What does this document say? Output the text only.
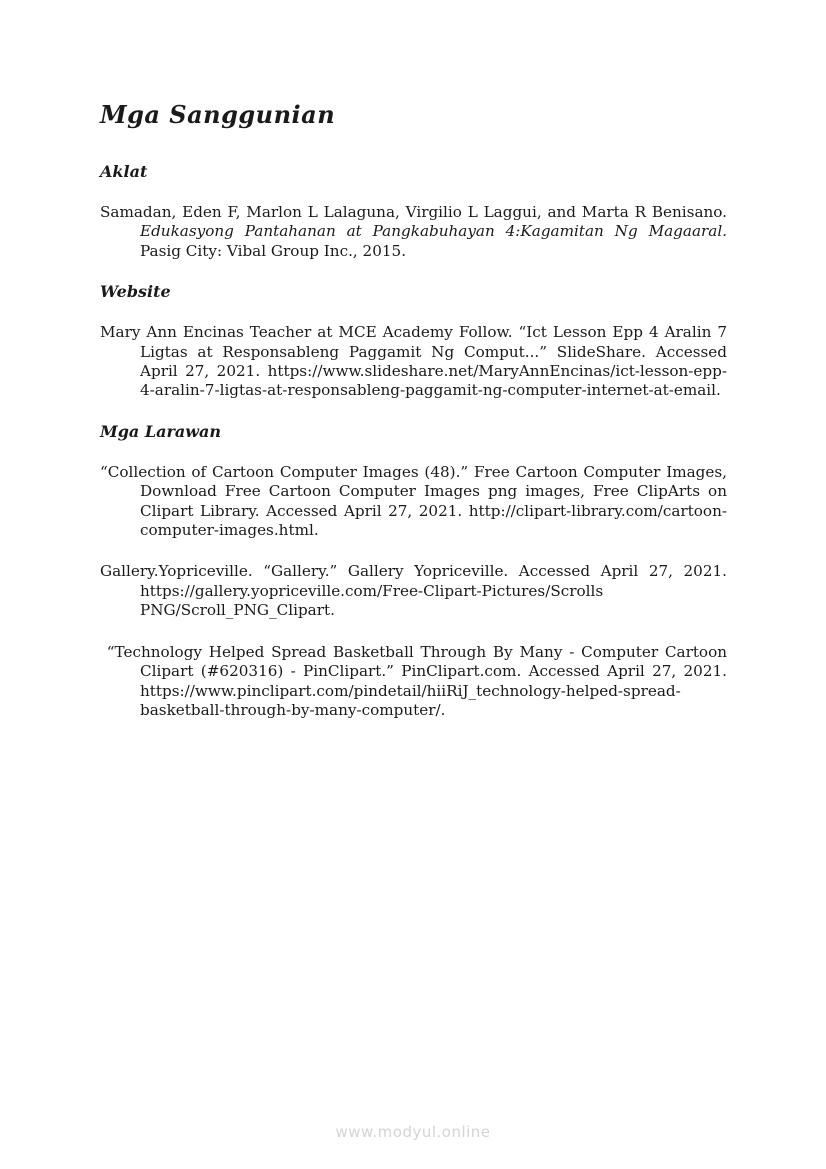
Mga Sanggunian
Aklat

Samadan, Eden F, Marlon L Lalaguna, Virgilio L Laggui, and Marta R Benisano. Edukasyong Pantahanan at Pangkabuhayan 4:Kagamitan Ng Magaaral. Pasig City: Vibal Group Inc., 2015.

Website

Mary Ann Encinas Teacher at MCE Academy Follow. “Ict Lesson Epp 4 Aralin 7 Ligtas at Responsableng Paggamit Ng Comput...” SlideShare. Accessed April 27, 2021. https://www.slideshare.net/MaryAnnEncinas/ict-lesson-epp-4-aralin-7-ligtas-at-responsableng-paggamit-ng-computer-internet-at-email.

Mga Larawan

“Collection of Cartoon Computer Images (48).” Free Cartoon Computer Images, Download Free Cartoon Computer Images png images, Free ClipArts on Clipart Library. Accessed April 27, 2021. http://clipart-library.com/cartoon-computer-images.html.

Gallery.Yopriceville. “Gallery.” Gallery Yopriceville. Accessed April 27, 2021. https://gallery.yopriceville.com/Free-Clipart-Pictures/Scrolls PNG/Scroll_PNG_Clipart.

“Technology Helped Spread Basketball Through By Many - Computer Cartoon Clipart (#620316) - PinClipart.” PinClipart.com. Accessed April 27, 2021. https://www.pinclipart.com/pindetail/hiiRiJ_technology-helped-spread- basketball-through-by-many-computer/.

www.modyul.online
